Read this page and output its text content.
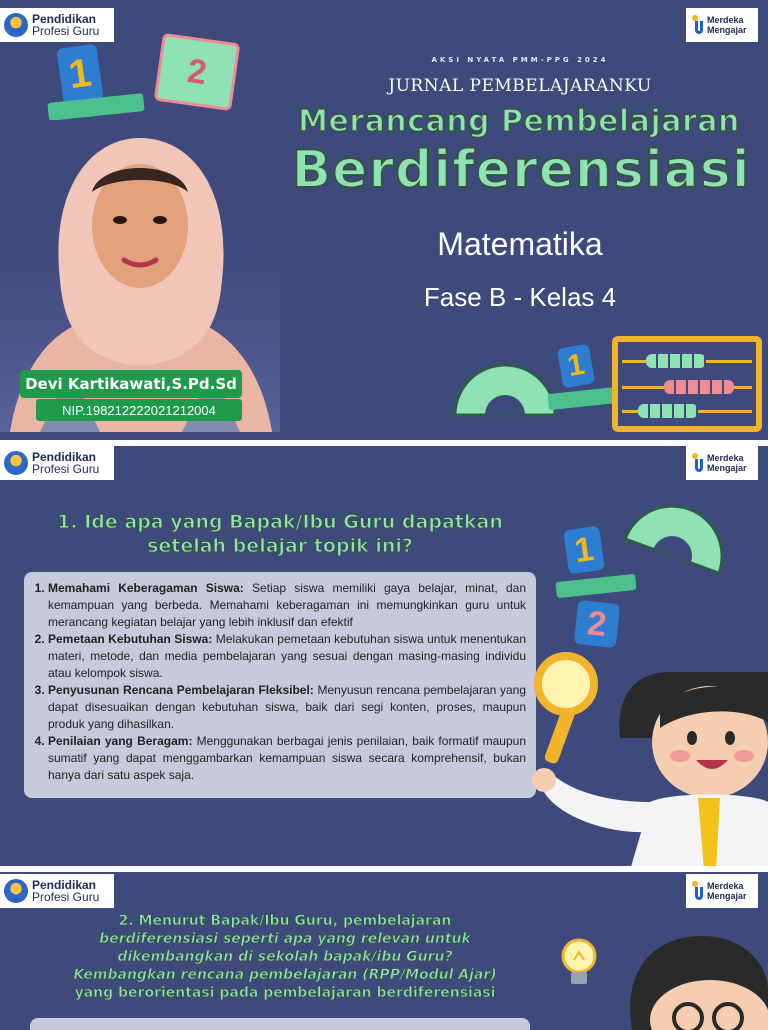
Pendidikan
Profesi Guru
Merdeka
Mengajar
AKSI NYATA PMM-PPG 2024
JURNAL PEMBELAJARANKU
Merancang Pembelajaran
Berdiferensiasi
Matematika
Fase B - Kelas 4
1	2
Devi Kartikawati,S.Pd.Sd
NIP.198212222021212004
1
Pendidikan
Profesi Guru
Merdeka
Mengajar
1. Ide apa yang Bapak/Ibu Guru dapatkan
setelah belajar topik ini?
1. Memahami Keberagaman Siswa: Setiap siswa memiliki gaya belajar, minat, dan kemampuan yang berbeda. Memahami keberagaman ini memungkinkan guru untuk merancang kegiatan belajar yang lebih inklusif dan efektif
2. Pemetaan Kebutuhan Siswa: Melakukan pemetaan kebutuhan siswa untuk menentukan materi, metode, dan media pembelajaran yang sesuai dengan masing-masing individu atau kelompok siswa.
3. Penyusunan Rencana Pembelajaran Fleksibel: Menyusun rencana pembelajaran yang dapat disesuaikan dengan kebutuhan siswa, baik dari segi konten, proses, maupun produk yang dihasilkan.
4. Penilaian yang Beragam: Menggunakan berbagai jenis penilaian, baik formatif maupun sumatif yang dapat menggambarkan kemampuan siswa secara komprehensif, bukan hanya dari satu aspek saja.
1
2
Pendidikan
Profesi Guru
Merdeka
Mengajar
2. Menurut Bapak/Ibu Guru, pembelajaran
berdiferensiasi seperti apa yang relevan untuk
dikembangkan di sekolah bapak/ibu Guru?
Kembangkan rencana pembelajaran (RPP/Modul Ajar)
yang berorientasi pada pembelajaran berdiferensiasi
